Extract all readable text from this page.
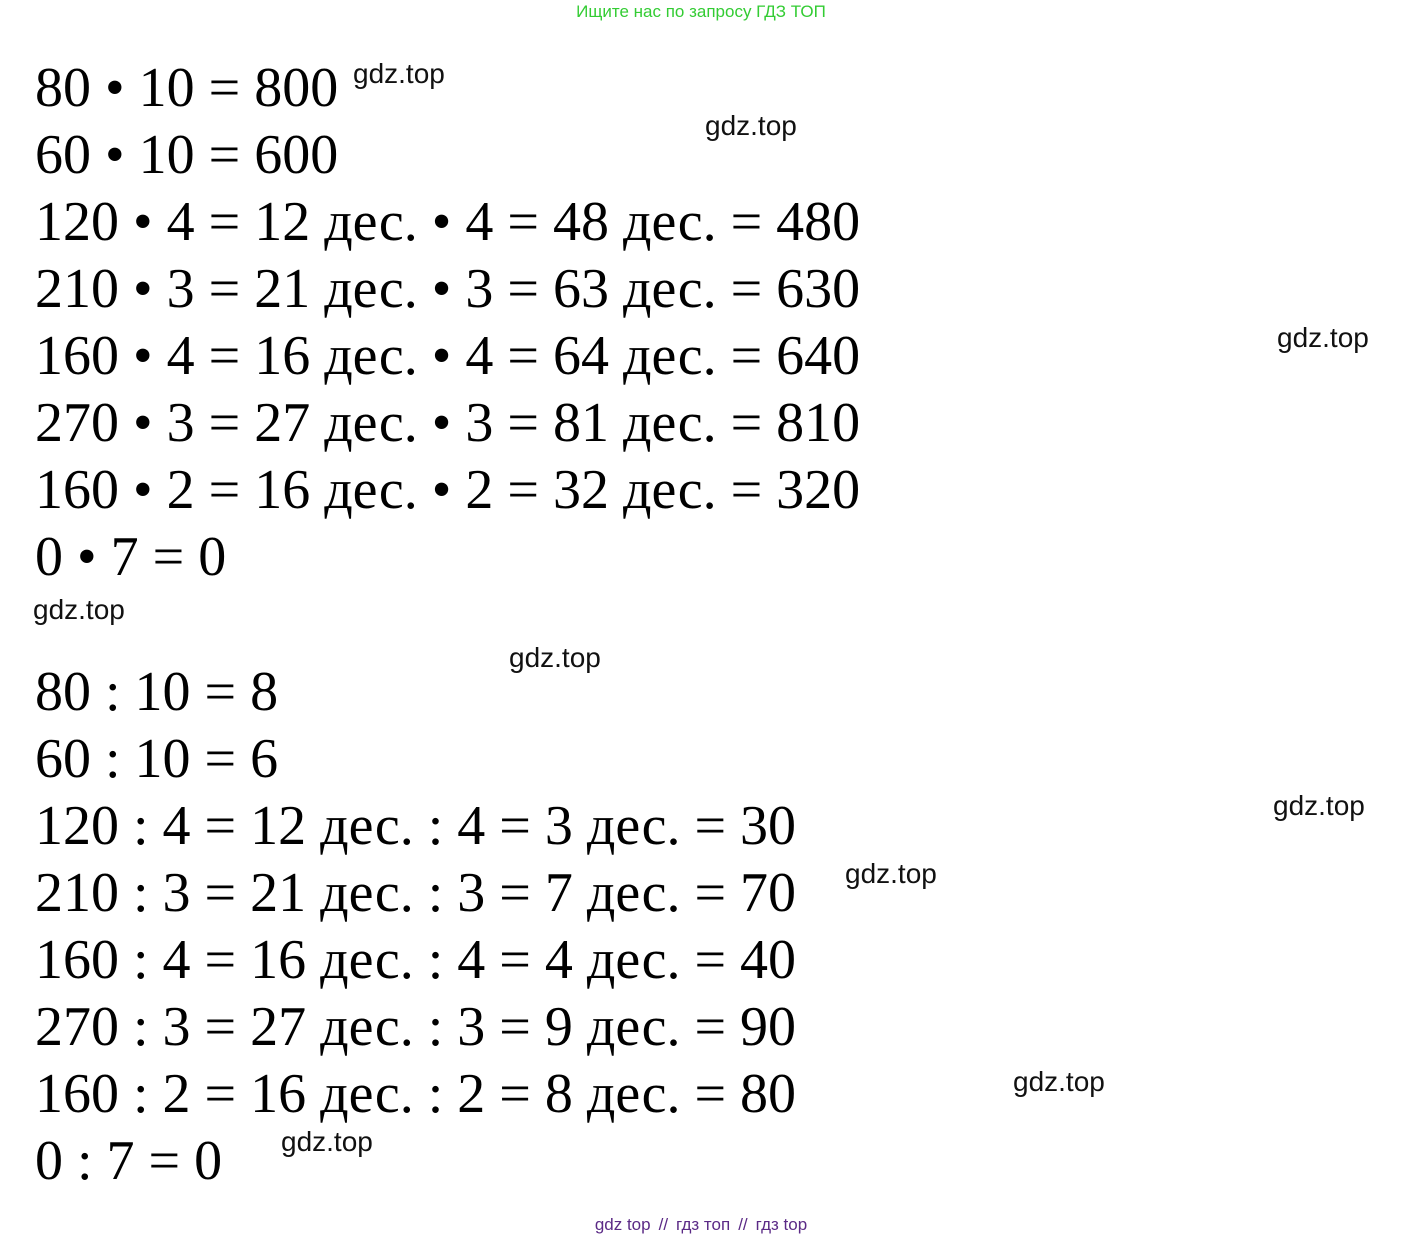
Ищите нас по запросу ГДЗ ТОП
80 • 10 = 800
60 • 10 = 600
120 • 4 = 12 дес. • 4 = 48 дес. = 480
210 • 3 = 21 дес. • 3 = 63 дес. = 630
160 • 4 = 16 дес. • 4 = 64 дес. = 640
270 • 3 = 27 дес. • 3 = 81 дес. = 810
160 • 2 = 16 дес. • 2 = 32 дес. = 320
0 • 7 = 0
80 : 10 = 8
60 : 10 = 6
120 : 4 = 12 дес. : 4 = 3 дес. = 30
210 : 3 = 21 дес. : 3 = 7 дес. = 70
160 : 4 = 16 дес. : 4 = 4 дес. = 40
270 : 3 = 27 дес. : 3 = 9 дес. = 90
160 : 2 = 16 дес. : 2 = 8 дес. = 80
0 : 7 = 0
gdz.top
gdz.top
gdz.top
gdz.top
gdz.top
gdz.top
gdz.top
gdz.top
gdz.top
gdz top // гдз топ // гдз top
